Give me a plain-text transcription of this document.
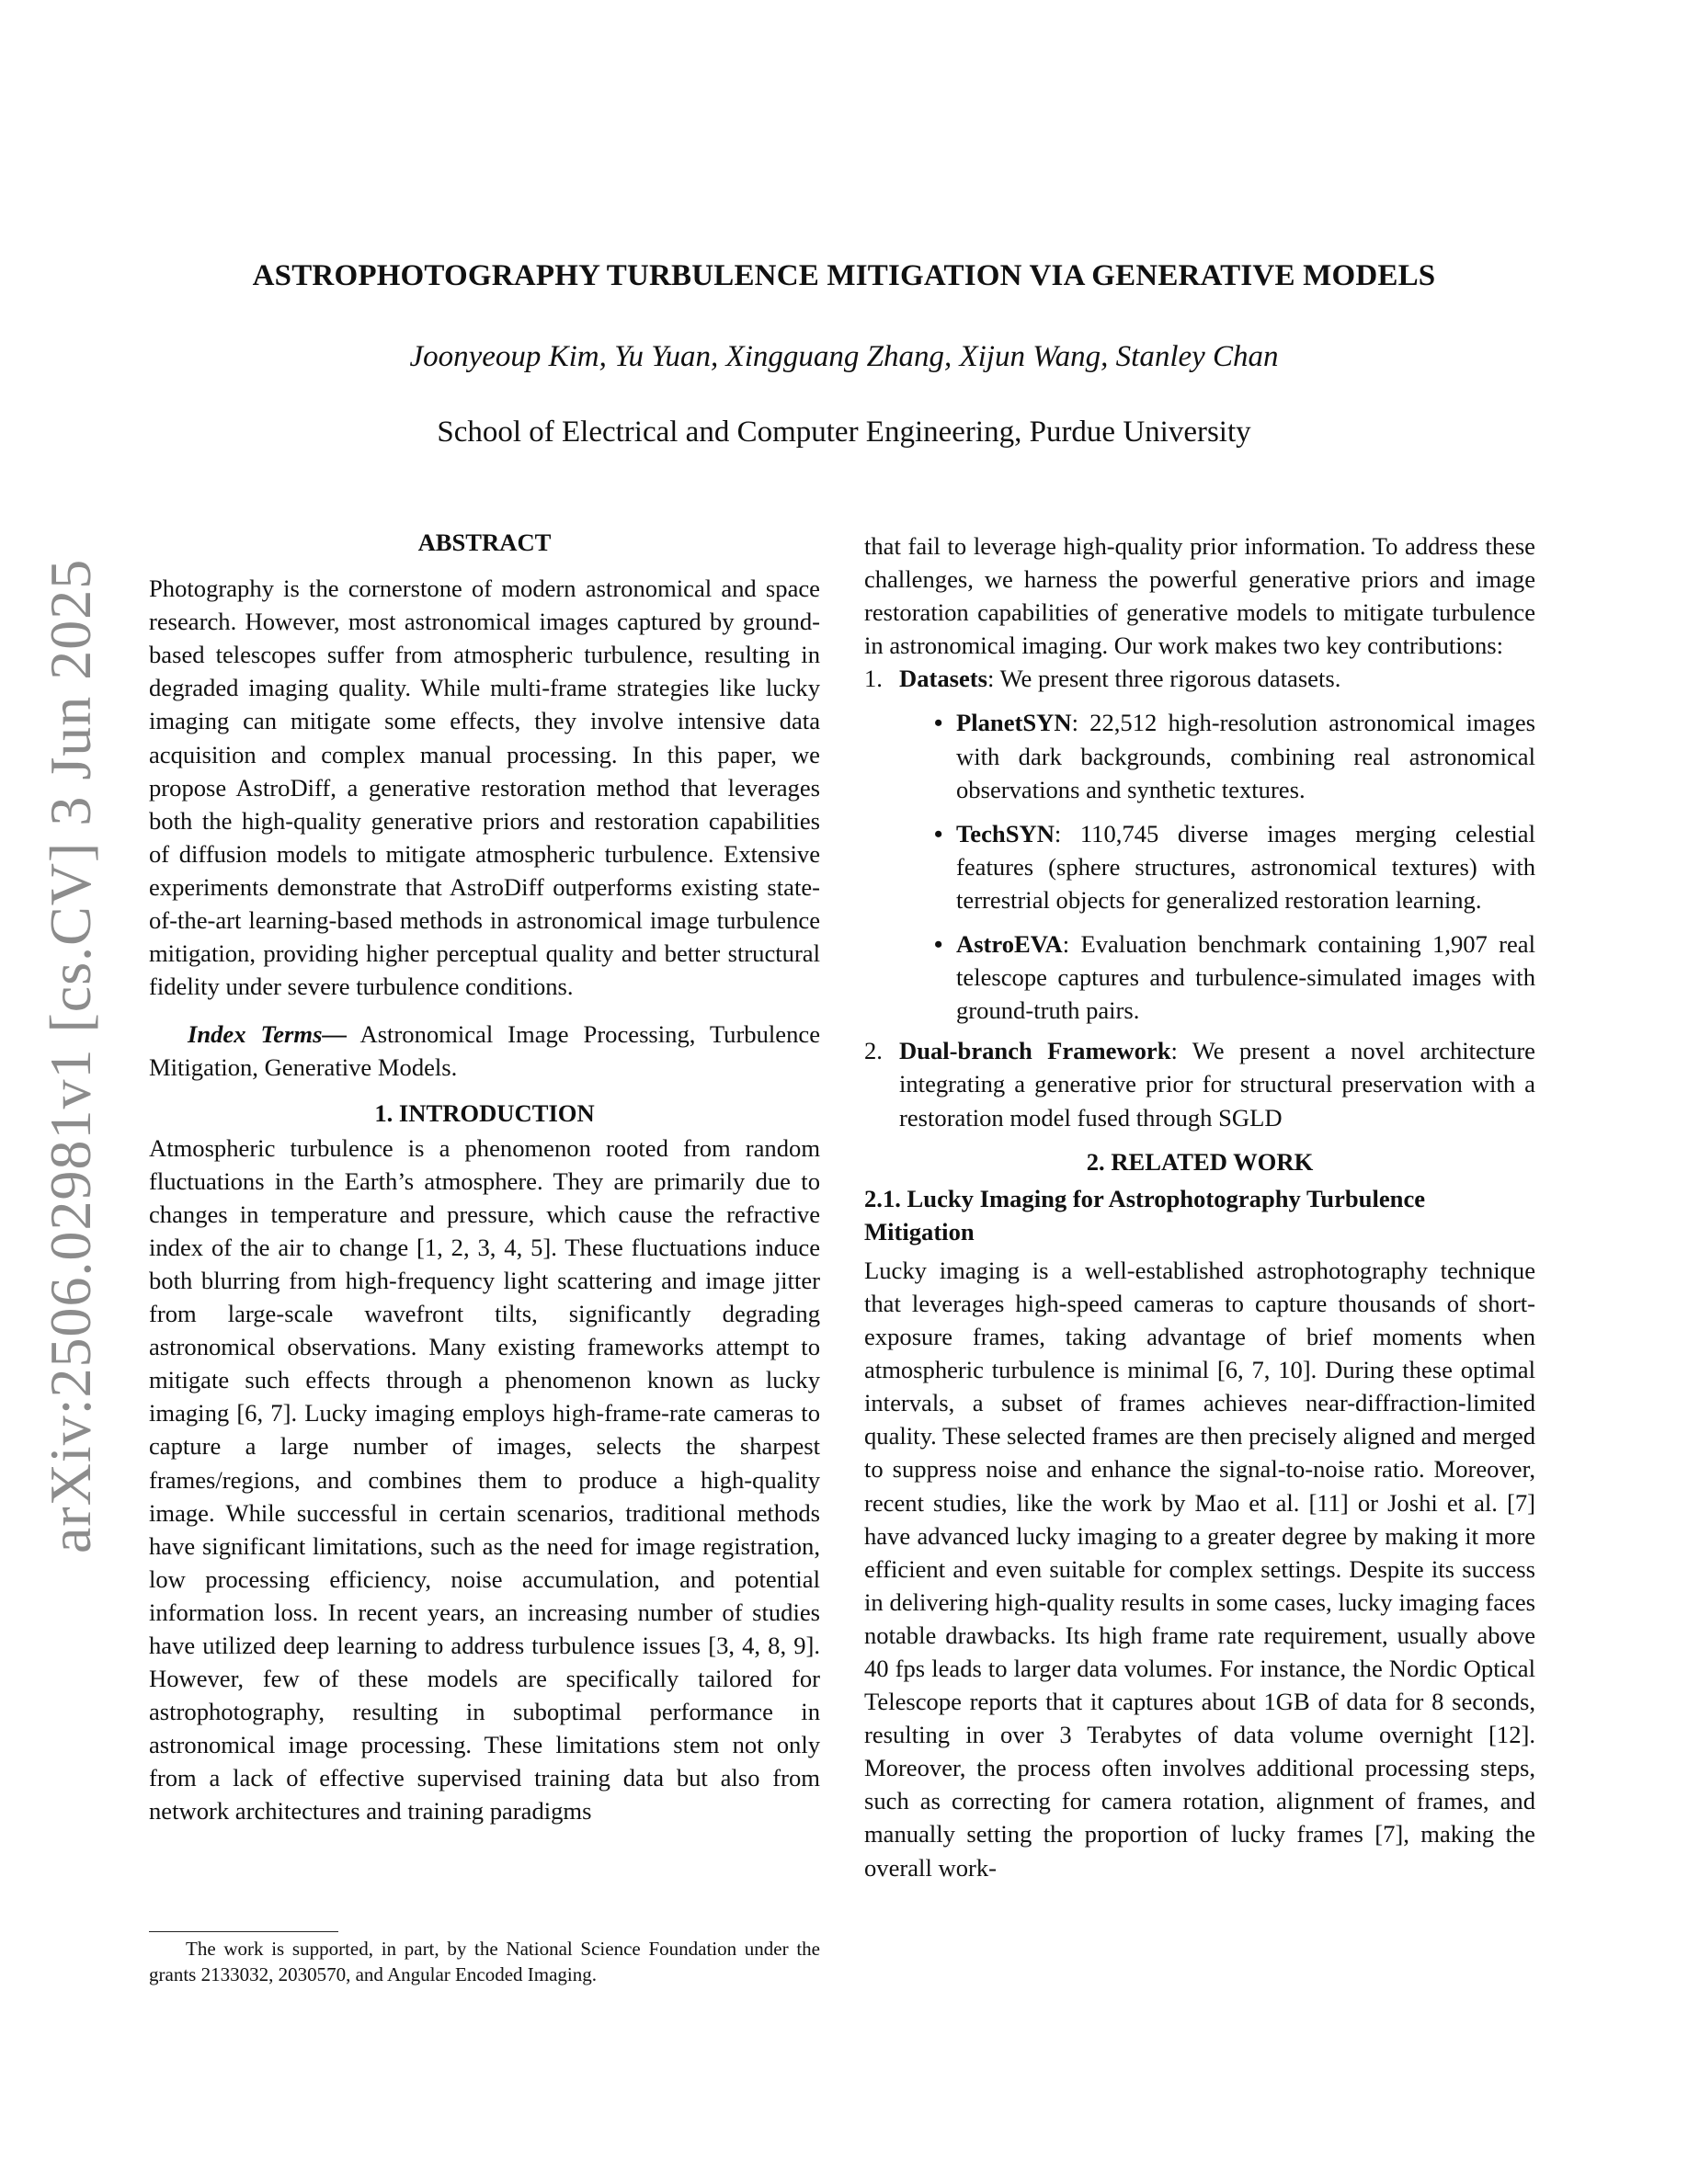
arXiv:2506.02981v1 [cs.CV] 3 Jun 2025
ASTROPHOTOGRAPHY TURBULENCE MITIGATION VIA GENERATIVE MODELS
Joonyeoup Kim, Yu Yuan, Xingguang Zhang, Xijun Wang, Stanley Chan
School of Electrical and Computer Engineering, Purdue University

ABSTRACT

Photography is the cornerstone of modern astronomical and space research. However, most astronomical images captured by ground-based telescopes suffer from atmospheric turbulence, resulting in degraded imaging quality. While multi-frame strategies like lucky imaging can mitigate some effects, they involve intensive data acquisition and complex manual processing. In this paper, we propose AstroDiff, a generative restoration method that leverages both the high-quality generative priors and restoration capabilities of diffusion models to mitigate atmospheric turbulence. Extensive experiments demonstrate that AstroDiff outperforms existing state-of-the-art learning-based methods in astronomical image turbulence mitigation, providing higher perceptual quality and better structural fidelity under severe turbulence conditions.

Index Terms— Astronomical Image Processing, Turbulence Mitigation, Generative Models.

1. INTRODUCTION

Atmospheric turbulence is a phenomenon rooted from random fluctuations in the Earth’s atmosphere. They are primarily due to changes in temperature and pressure, which cause the refractive index of the air to change [1, 2, 3, 4, 5]. These fluctuations induce both blurring from high-frequency light scattering and image jitter from large-scale wavefront tilts, significantly degrading astronomical observations. Many existing frameworks attempt to mitigate such effects through a phenomenon known as lucky imaging [6, 7]. Lucky imaging employs high-frame-rate cameras to capture a large number of images, selects the sharpest frames/regions, and combines them to produce a high-quality image. While successful in certain scenarios, traditional methods have significant limitations, such as the need for image registration, low processing efficiency, noise accumulation, and potential information loss. In recent years, an increasing number of studies have utilized deep learning to address turbulence issues [3, 4, 8, 9]. However, few of these models are specifically tailored for astrophotography, resulting in suboptimal performance in astronomical image processing. These limitations stem not only from a lack of effective supervised training data but also from network architectures and training paradigms

that fail to leverage high-quality prior information. To address these challenges, we harness the powerful generative priors and image restoration capabilities of generative models to mitigate turbulence in astronomical imaging. Our work makes two key contributions:

1. Datasets: We present three rigorous datasets.
• PlanetSYN: 22,512 high-resolution astronomical images with dark backgrounds, combining real astronomical observations and synthetic textures.
• TechSYN: 110,745 diverse images merging celestial features (sphere structures, astronomical textures) with terrestrial objects for generalized restoration learning.
• AstroEVA: Evaluation benchmark containing 1,907 real telescope captures and turbulence-simulated images with ground-truth pairs.
2. Dual-branch Framework: We present a novel architecture integrating a generative prior for structural preservation with a restoration model fused through SGLD

2. RELATED WORK

2.1. Lucky Imaging for Astrophotography Turbulence Mitigation

Lucky imaging is a well-established astrophotography technique that leverages high-speed cameras to capture thousands of short-exposure frames, taking advantage of brief moments when atmospheric turbulence is minimal [6, 7, 10]. During these optimal intervals, a subset of frames achieves near-diffraction-limited quality. These selected frames are then precisely aligned and merged to suppress noise and enhance the signal-to-noise ratio. Moreover, recent studies, like the work by Mao et al. [11] or Joshi et al. [7] have advanced lucky imaging to a greater degree by making it more efficient and even suitable for complex settings. Despite its success in delivering high-quality results in some cases, lucky imaging faces notable drawbacks. Its high frame rate requirement, usually above 40 fps leads to larger data volumes. For instance, the Nordic Optical Telescope reports that it captures about 1GB of data for 8 seconds, resulting in over 3 Terabytes of data volume overnight [12]. Moreover, the process often involves additional processing steps, such as correcting for camera rotation, alignment of frames, and manually setting the proportion of lucky frames [7], making the overall work-

The work is supported, in part, by the National Science Foundation under the grants 2133032, 2030570, and Angular Encoded Imaging.
